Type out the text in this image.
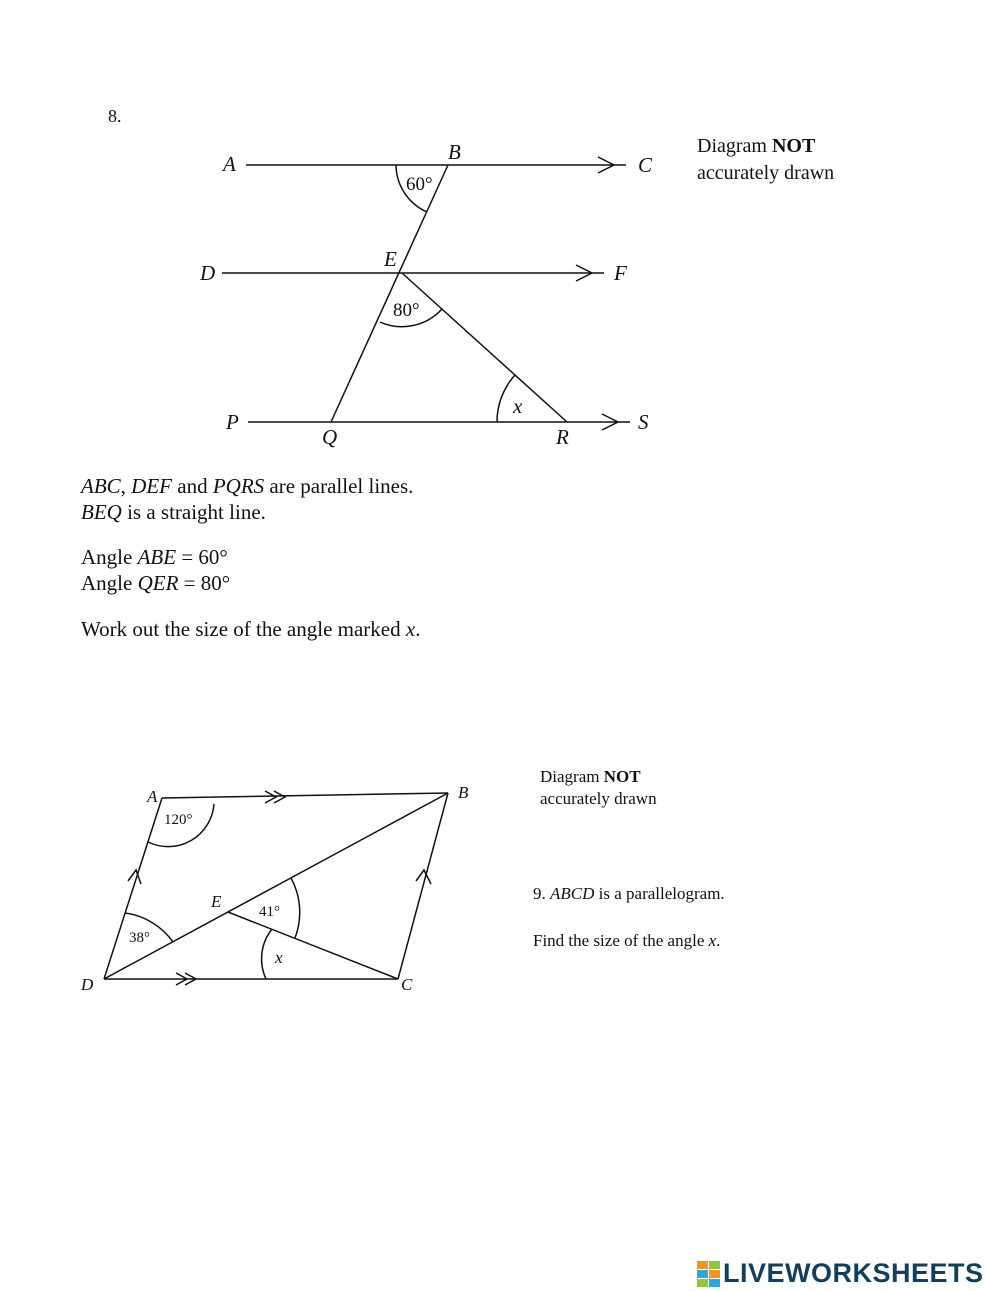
8.
A	B
C
D
E
F
P
Q	R
S
x
60°
80°
Diagram NOT
accurately drawn
ABC, DEF and PQRS are parallel lines.
BEQ is a straight line.
Angle ABE = 60°
Angle QER = 80°
Work out the size of the angle marked x.
A	B
C
D
E
x
120°
38°
41°
Diagram NOT
accurately drawn
9. ABCD is a parallelogram.
Find the size of the angle x.
LIVEWORKSHEETS
